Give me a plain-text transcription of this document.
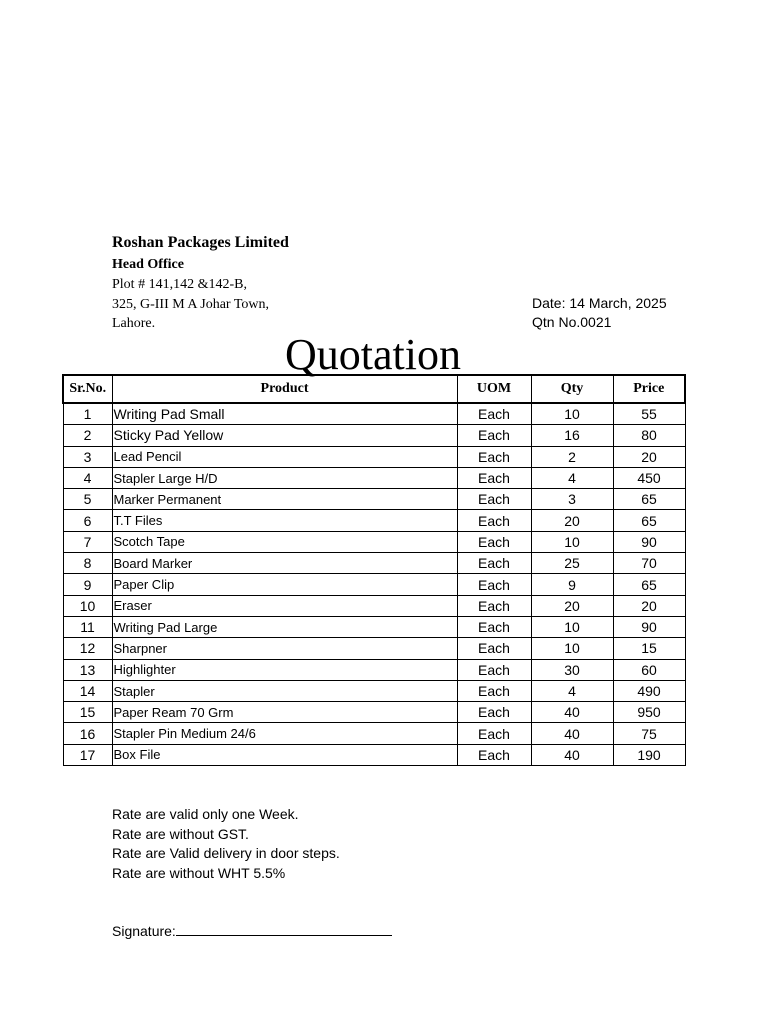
Roshan Packages Limited
Head Office
Plot # 141,142 &142-B,
325, G-III M A Johar Town,
Lahore.
Date: 14 March, 2025
Qtn No.0021
Quotation
Sr.No.	Product	UOM	Qty	Price
1	Writing Pad Small	Each	10	55
2	Sticky Pad Yellow	Each	16	80
3	Lead Pencil	Each	2	20
4	Stapler Large H/D	Each	4	450
5	Marker Permanent	Each	3	65
6	T.T Files	Each	20	65
7	Scotch Tape	Each	10	90
8	Board Marker	Each	25	70
9	Paper Clip	Each	9	65
10	Eraser	Each	20	20
11	Writing Pad Large	Each	10	90
12	Sharpner	Each	10	15
13	Highlighter	Each	30	60
14	Stapler	Each	4	490
15	Paper Ream 70 Grm	Each	40	950
16	Stapler Pin Medium 24/6	Each	40	75
17	Box File	Each	40	190
Rate are valid only one Week.
Rate are without GST.
Rate are Valid delivery in door steps.
Rate are without WHT 5.5%
Signature:
